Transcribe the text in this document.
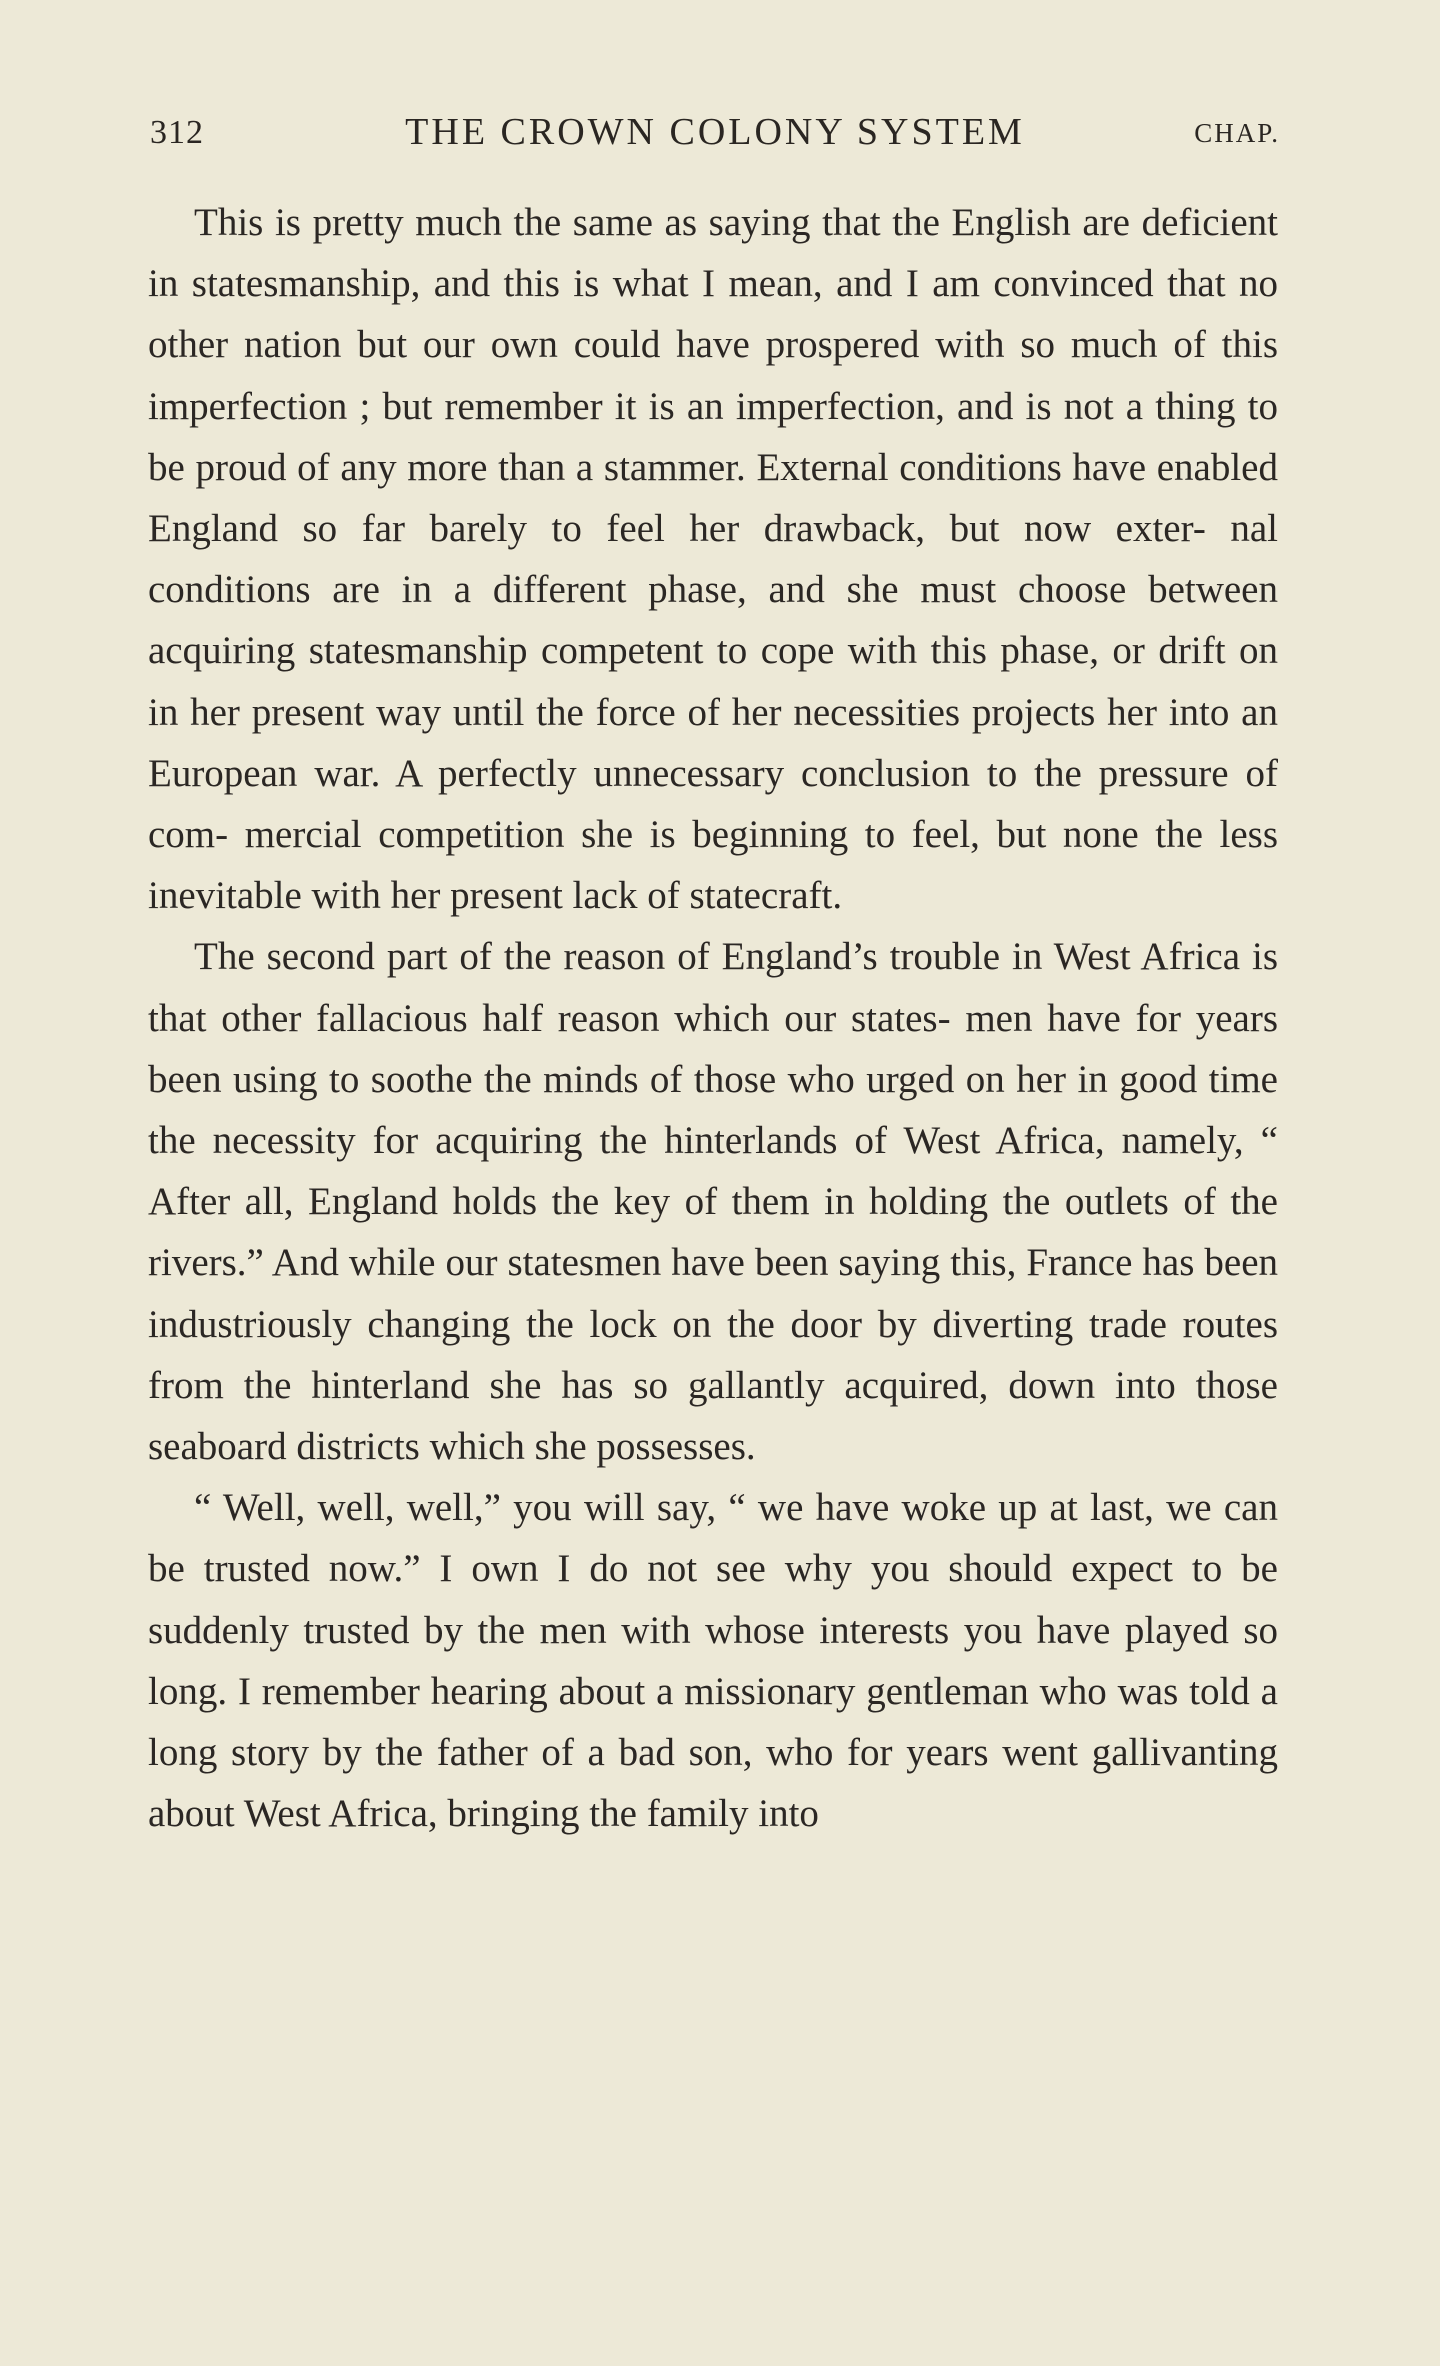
312	THE CROWN COLONY SYSTEM	CHAP.

This is pretty much the same as saying that the English are deficient in statesmanship, and this is what I mean, and I am convinced that no other nation but our own could have prospered with so much of this imperfection ; but remember it is an imperfection, and is not a thing to be proud of any more than a stammer. External conditions have enabled England so far barely to feel her drawback, but now exter- nal conditions are in a different phase, and she must choose between acquiring statesmanship competent to cope with this phase, or drift on in her present way until the force of her necessities projects her into an European war. A perfectly unnecessary conclusion to the pressure of com- mercial competition she is beginning to feel, but none the less inevitable with her present lack of statecraft.

The second part of the reason of England’s trouble in West Africa is that other fallacious half reason which our states- men have for years been using to soothe the minds of those who urged on her in good time the necessity for acquiring the hinterlands of West Africa, namely, “ After all, England holds the key of them in holding the outlets of the rivers.” And while our statesmen have been saying this, France has been industriously changing the lock on the door by diverting trade routes from the hinterland she has so gallantly acquired, down into those seaboard districts which she possesses.

“ Well, well, well,” you will say, “ we have woke up at last, we can be trusted now.” I own I do not see why you should expect to be suddenly trusted by the men with whose interests you have played so long. I remember hearing about a missionary gentleman who was told a long story by the father of a bad son, who for years went gallivanting about West Africa, bringing the family into
